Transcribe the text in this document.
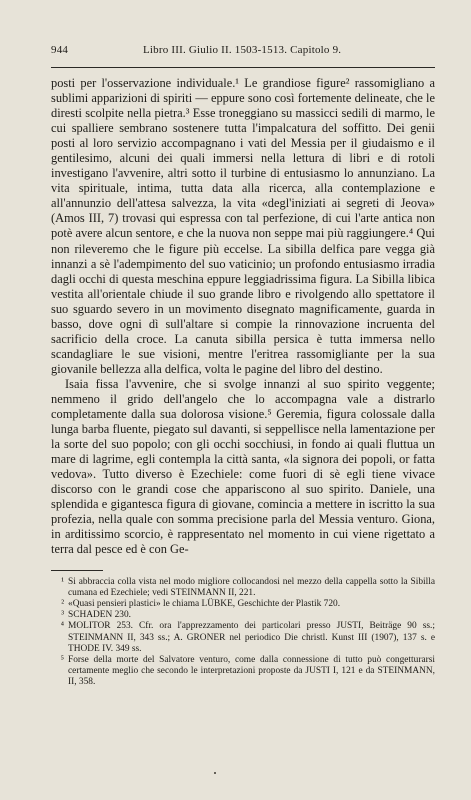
944	Libro III. Giulio II. 1503-1513. Capitolo 9.

posti per l'osservazione individuale.¹ Le grandiose figure² rassomigliano a sublimi apparizioni di spiriti — eppure sono così fortemente delineate, che le diresti scolpite nella pietra.³ Esse troneggiano su massicci sedili di marmo, le cui spalliere sembrano sostenere tutta l'impalcatura del soffitto. Dei genii posti al loro servizio accompagnano i vati del Messia per il giudaismo e il gentilesimo, alcuni dei quali immersi nella lettura di libri e di rotoli investigano l'avvenire, altri sotto il turbine di entusiasmo lo annunziano. La vita spirituale, intima, tutta data alla ricerca, alla contemplazione e all'annunzio dell'attesa salvezza, la vita «degl'iniziati ai segreti di Jeova» (Amos III, 7) trovasi qui espressa con tal perfezione, di cui l'arte antica non potè avere alcun sentore, e che la nuova non seppe mai più raggiungere.⁴ Qui non rileveremo che le figure più eccelse. La sibilla delfica pare vegga già innanzi a sè l'adempimento del suo vaticinio; un profondo entusiasmo irradia dagli occhi di questa meschina eppure leggiadrissima figura. La Sibilla libica vestita all'orientale chiude il suo grande libro e rivolgendo allo spettatore il suo sguardo severo in un movimento disegnato magnificamente, guarda in basso, dove ogni dì sull'altare si compie la rinnovazione incruenta del sacrificio della croce. La canuta sibilla persica è tutta immersa nello scandagliare le sue visioni, mentre l'eritrea rassomigliante per la sua giovanile bellezza alla delfica, volta le pagine del libro del destino.

Isaia fissa l'avvenire, che si svolge innanzi al suo spirito veggente; nemmeno il grido dell'angelo che lo accompagna vale a distrarlo completamente dalla sua dolorosa visione.⁵ Geremia, figura colossale dalla lunga barba fluente, piegato sul davanti, si seppellisce nella lamentazione per la sorte del suo popolo; con gli occhi socchiusi, in fondo ai quali fluttua un mare di lagrime, egli contempla la città santa, «la signora dei popoli, or fatta vedova». Tutto diverso è Ezechiele: come fuori di sè egli tiene vivace discorso con le grandi cose che appariscono al suo spirito. Daniele, una splendida e gigantesca figura di giovane, comincia a mettere in iscritto la sua profezia, nella quale con somma precisione parla del Messia venturo. Giona, in arditissimo scorcio, è rappresentato nel momento in cui viene rigettato a terra dal pesce ed è con Ge-

¹ Si abbraccia colla vista nel modo migliore collocandosi nel mezzo della cappella sotto la Sibilla cumana ed Ezechiele; vedi STEINMANN II, 221.
² «Quasi pensieri plastici» le chiama LÜBKE, Geschichte der Plastik 720.
³ SCHADEN 230.
⁴ MOLITOR 253. Cfr. ora l'apprezzamento dei particolari presso JUSTI, Beiträge 90 ss.; STEINMANN II, 343 ss.; A. GRONER nel periodico Die christl. Kunst III (1907), 137 s. e THODE IV. 349 ss.
⁵ Forse della morte del Salvatore venturo, come dalla connessione di tutto può congetturarsi certamente meglio che secondo le interpretazioni proposte da JUSTI I, 121 e da STEINMANN, II, 358.
